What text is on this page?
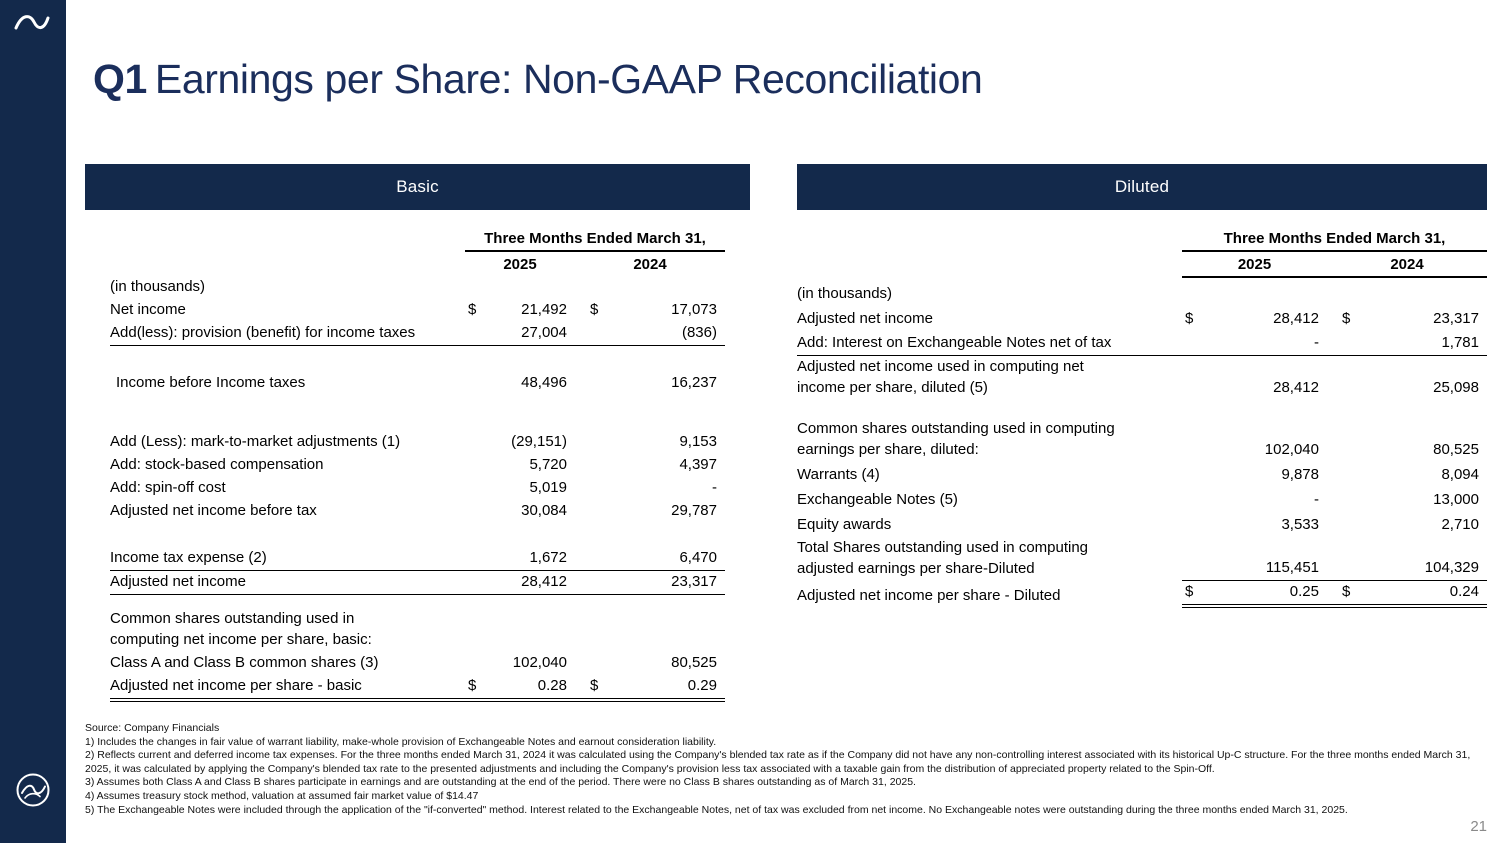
Q1 Earnings per Share: Non-GAAP Reconciliation
Basic	Diluted
Three Months Ended March 31,
2025	2024
(in thousands)
Net income	$	21,492	$	17,073
Add(less): provision (benefit) for income taxes	27,004	(836)
Income before Income taxes	48,496	16,237
Add (Less): mark-to-market adjustments (1)	(29,151)	9,153
Add: stock-based compensation	5,720	4,397
Add: spin-off cost	5,019	-
Adjusted net income before tax	30,084	29,787
Income tax expense (2)	1,672	6,470
Adjusted net income	28,412	23,317
Common shares outstanding used in
computing net income per share, basic:
Class A and Class B common shares (3)	102,040	80,525
Adjusted net income per share - basic	$	0.28	$	0.29
Three Months Ended March 31,
2025	2024
(in thousands)
Adjusted net income	$	28,412	$	23,317
Add: Interest on Exchangeable Notes net of tax	-	1,781
Adjusted net income used in computing net
income per share, diluted (5)	28,412	25,098
Common shares outstanding used in computing
earnings per share, diluted:	102,040	80,525
Warrants (4)	9,878	8,094
Exchangeable Notes (5)	-	13,000
Equity awards	3,533	2,710
Total Shares outstanding used in computing
adjusted earnings per share-Diluted	115,451	104,329
Adjusted net income per share - Diluted	$	0.25	$	0.24
Source: Company Financials
1) Includes the changes in fair value of warrant liability, make-whole provision of Exchangeable Notes and earnout consideration liability.
2) Reflects current and deferred income tax expenses. For the three months ended March 31, 2024 it was calculated using the Company's blended tax rate as if the Company did not have any non-controlling interest associated with its historical Up-C structure. For the three months ended March 31, 2025, it was calculated by applying the Company's blended tax rate to the presented adjustments and including the Company's provision less tax associated with a taxable gain from the distribution of appreciated property related to the Spin-Off.
3) Assumes both Class A and Class B shares participate in earnings and are outstanding at the end of the period. There were no Class B shares outstanding as of March 31, 2025.
4) Assumes treasury stock method, valuation at assumed fair market value of $14.47
5) The Exchangeable Notes were included through the application of the "if-converted" method. Interest related to the Exchangeable Notes, net of tax was excluded from net income. No Exchangeable notes were outstanding during the three months ended March 31, 2025.
21
